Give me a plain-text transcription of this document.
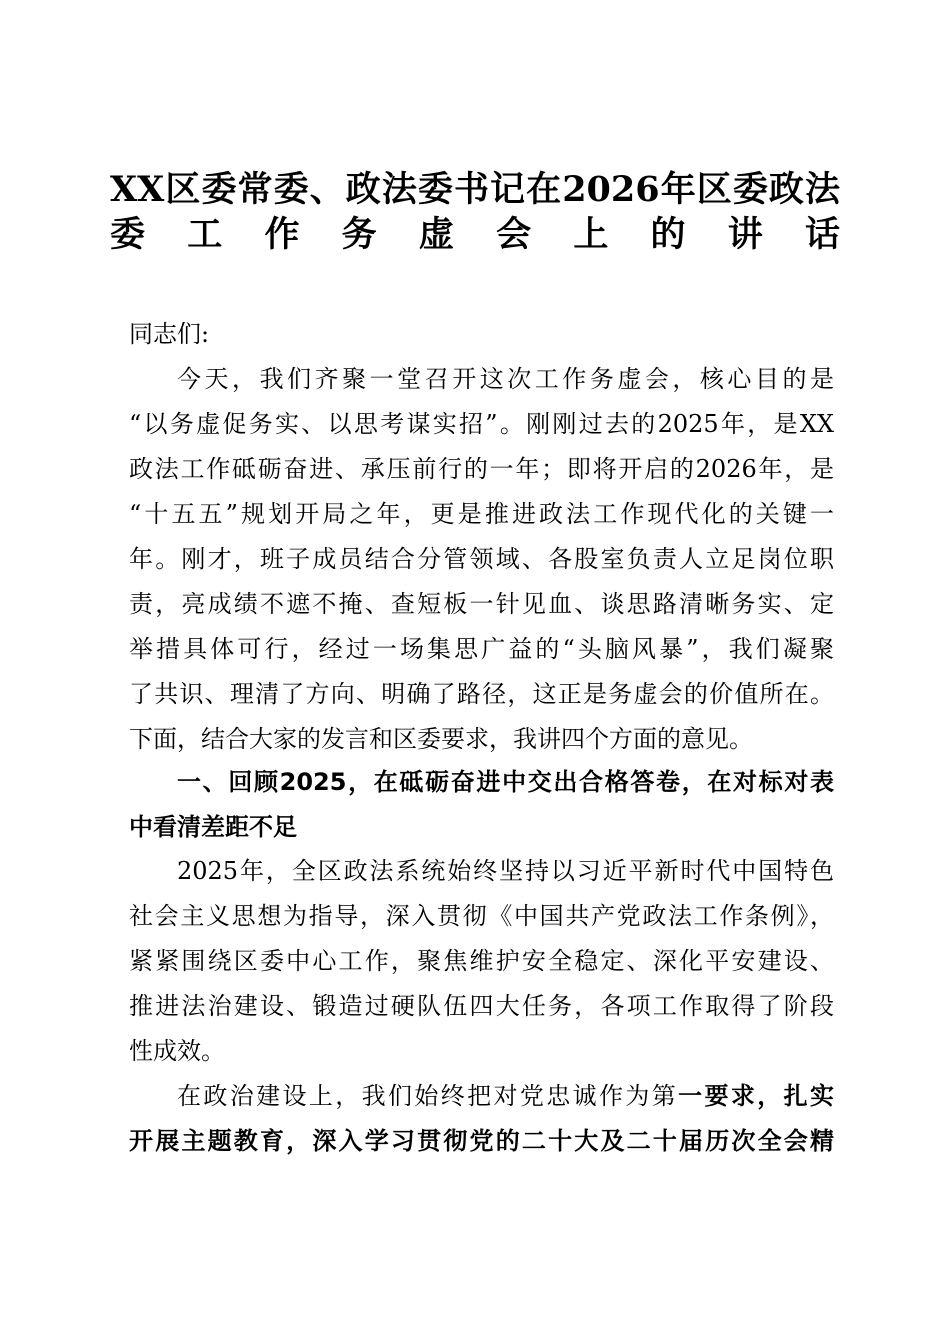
XX区委常委、政法委书记在2026年区委政法
委工作务虚会上的讲话
同志们:
今天，我们齐聚一堂召开这次工作务虚会，核心目的是
“以务虚促务实、以思考谋实招”。刚刚过去的2025年，是XX
政法工作砥砺奋进、承压前行的一年；即将开启的2026年，是
“十五五”规划开局之年，更是推进政法工作现代化的关键一
年。刚才，班子成员结合分管领域、各股室负责人立足岗位职
责，亮成绩不遮不掩、查短板一针见血、谈思路清晰务实、定
举措具体可行，经过一场集思广益的“头脑风暴”，我们凝聚
了共识、理清了方向、明确了路径，这正是务虚会的价值所在。
下面，结合大家的发言和区委要求，我讲四个方面的意见。
一、回顾2025，在砥砺奋进中交出合格答卷，在对标对表
中看清差距不足
2025年，全区政法系统始终坚持以习近平新时代中国特色
社会主义思想为指导，深入贯彻《中国共产党政法工作条例》，
紧紧围绕区委中心工作，聚焦维护安全稳定、深化平安建设、
推进法治建设、锻造过硬队伍四大任务，各项工作取得了阶段
性成效。
在政治建设上，我们始终把对党忠诚作为第一要求，扎实
开展主题教育，深入学习贯彻党的二十大及二十届历次全会精
